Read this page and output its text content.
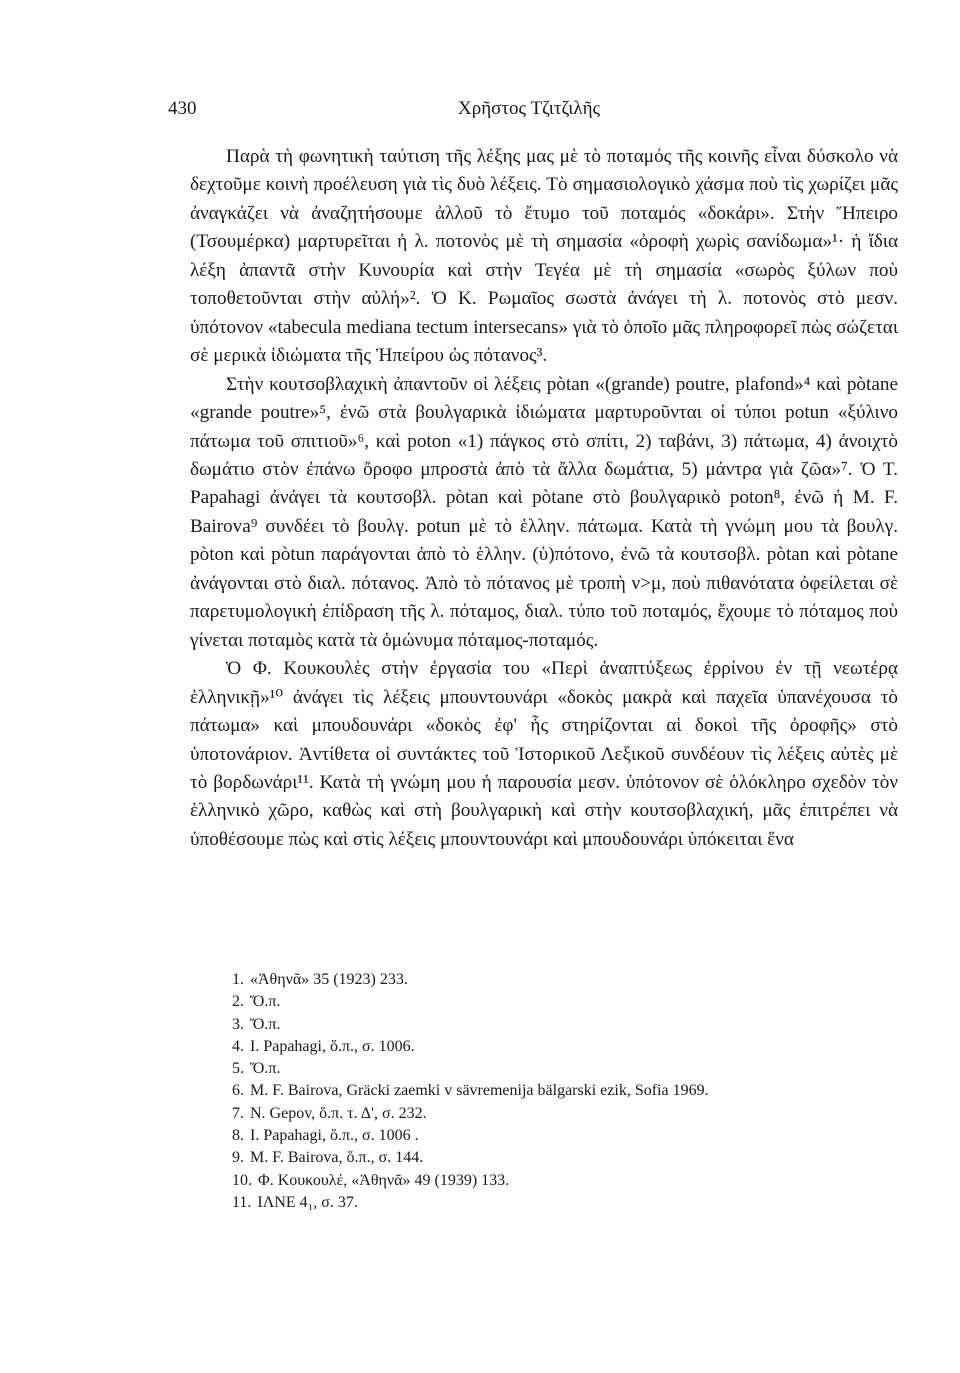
430	Χρῆστος Τζιτζιλῆς

Παρὰ τὴ φωνητικὴ ταύτιση τῆς λέξης μας μὲ τὸ ποταμός τῆς κοινῆς εἶναι δύσκολο νὰ δεχτοῦμε κοινὴ προέλευση γιὰ τὶς δυὸ λέξεις. Τὸ σημασιολογικὸ χάσμα ποὺ τὶς χωρίζει μᾶς ἀναγκάζει νὰ ἀναζητήσουμε ἀλλοῦ τὸ ἔτυμο τοῦ ποταμός «δοκάρι». Στὴν Ἤπειρο (Τσουμέρκα) μαρτυρεῖται ἡ λ. ποτονὸς μὲ τὴ σημασία «ὀροφὴ χωρὶς σανίδωμα»¹· ἡ ἴδια λέξη ἀπαντᾶ στὴν Κυνουρία καὶ στὴν Τεγέα μὲ τὴ σημασία «σωρὸς ξύλων ποὺ τοποθετοῦνται στὴν αὐλή»². Ὁ Κ. Ρωμαῖος σωστὰ ἀνάγει τὴ λ. ποτονὸς στὸ μεσν. ὑπότονον «tabecula mediana tectum intersecans» γιὰ τὸ ὁποῖο μᾶς πληροφορεῖ πὼς σώζεται σὲ μερικὰ ἰδιώματα τῆς Ἠπείρου ὡς πότανος³.

Στὴν κουτσοβλαχικὴ ἀπαντοῦν οἱ λέξεις pòtan «(grande) poutre, plafond»⁴ καὶ pòtane «grande poutre»⁵, ἐνῶ στὰ βουλγαρικὰ ἰδιώματα μαρτυροῦνται οἱ τύποι potun «ξύλινο πάτωμα τοῦ σπιτιοῦ»⁶, καὶ poton «1) πάγκος στὸ σπίτι, 2) ταβάνι, 3) πάτωμα, 4) ἀνοιχτὸ δωμάτιο στὸν ἐπάνω ὄροφο μπροστὰ ἀπὸ τὰ ἄλλα δωμάτια, 5) μάντρα γιὰ ζῶα»⁷. Ὁ Τ. Papahagi ἀνάγει τὰ κουτσοβλ. pòtan καὶ pòtane στὸ βουλγαρικὸ poton⁸, ἐνῶ ἡ Μ. F. Bairova⁹ συνδέει τὸ βουλγ. potun μὲ τὸ ἑλλην. πάτωμα. Κατὰ τὴ γνώμη μου τὰ βουλγ. pòton καὶ pòtun παράγονται ἀπὸ τὸ ἑλλην. (ὑ)πότονο, ἐνῶ τὰ κουτσοβλ. pòtan καὶ pòtane ἀνάγονται στὸ διαλ. πότανος. Ἀπὸ τὸ πότανος μὲ τροπὴ ν>μ, ποὺ πιθανότατα ὀφείλεται σὲ παρετυμολογικὴ ἐπίδραση τῆς λ. πόταμος, διαλ. τύπο τοῦ ποταμός, ἔχουμε τὸ πόταμος ποὺ γίνεται ποταμὸς κατὰ τὰ ὁμώνυμα πόταμος-ποταμός.

Ὁ Φ. Κουκουλὲς στὴν ἐργασία του «Περὶ ἀναπτύξεως ἐρρίνου ἐν τῇ νεωτέρᾳ ἑλληνικῇ»¹⁰ ἀνάγει τὶς λέξεις μπουντουνάρι «δοκὸς μακρὰ καὶ παχεῖα ὑπανέχουσα τὸ πάτωμα» καὶ μπουδουνάρι «δοκὸς ἐφ' ἧς στηρίζονται αἱ δοκοὶ τῆς ὀροφῆς» στὸ ὑποτονάριον. Ἀντίθετα οἱ συντάκτες τοῦ Ἱστορικοῦ Λεξικοῦ συνδέουν τὶς λέξεις αὐτὲς μὲ τὸ βορδωνάρι¹¹. Κατὰ τὴ γνώμη μου ἡ παρουσία μεσν. ὑπότονον σὲ ὁλόκληρο σχεδὸν τὸν ἑλληνικὸ χῶρο, καθὼς καὶ στὴ βουλγαρικὴ καὶ στὴν κουτσοβλαχική, μᾶς ἐπιτρέπει νὰ ὑποθέσουμε πὼς καὶ στὶς λέξεις μπουντουνάρι καὶ μπουδουνάρι ὑπόκειται ἕνα

1. «Ἀθηνᾶ» 35 (1923) 233.
2. Ὅ.π.
3. Ὅ.π.
4. Ι. Papahagi, ὅ.π., σ. 1006.
5. Ὅ.π.
6. M. F. Bairova, Gräcki zaemki v sävremenija bälgarski ezik, Sofia 1969.
7. N. Gepov, ὅ.π. τ. Δ', σ. 232.
8. Ι. Papahagi, ὅ.π., σ. 1006 .
9. M. F. Bairova, ὅ.π., σ. 144.
10. Φ. Κουκουλέ, «Ἀθηνᾶ» 49 (1939) 133.
11. ΙΛΝΕ 4₁, σ. 37.
